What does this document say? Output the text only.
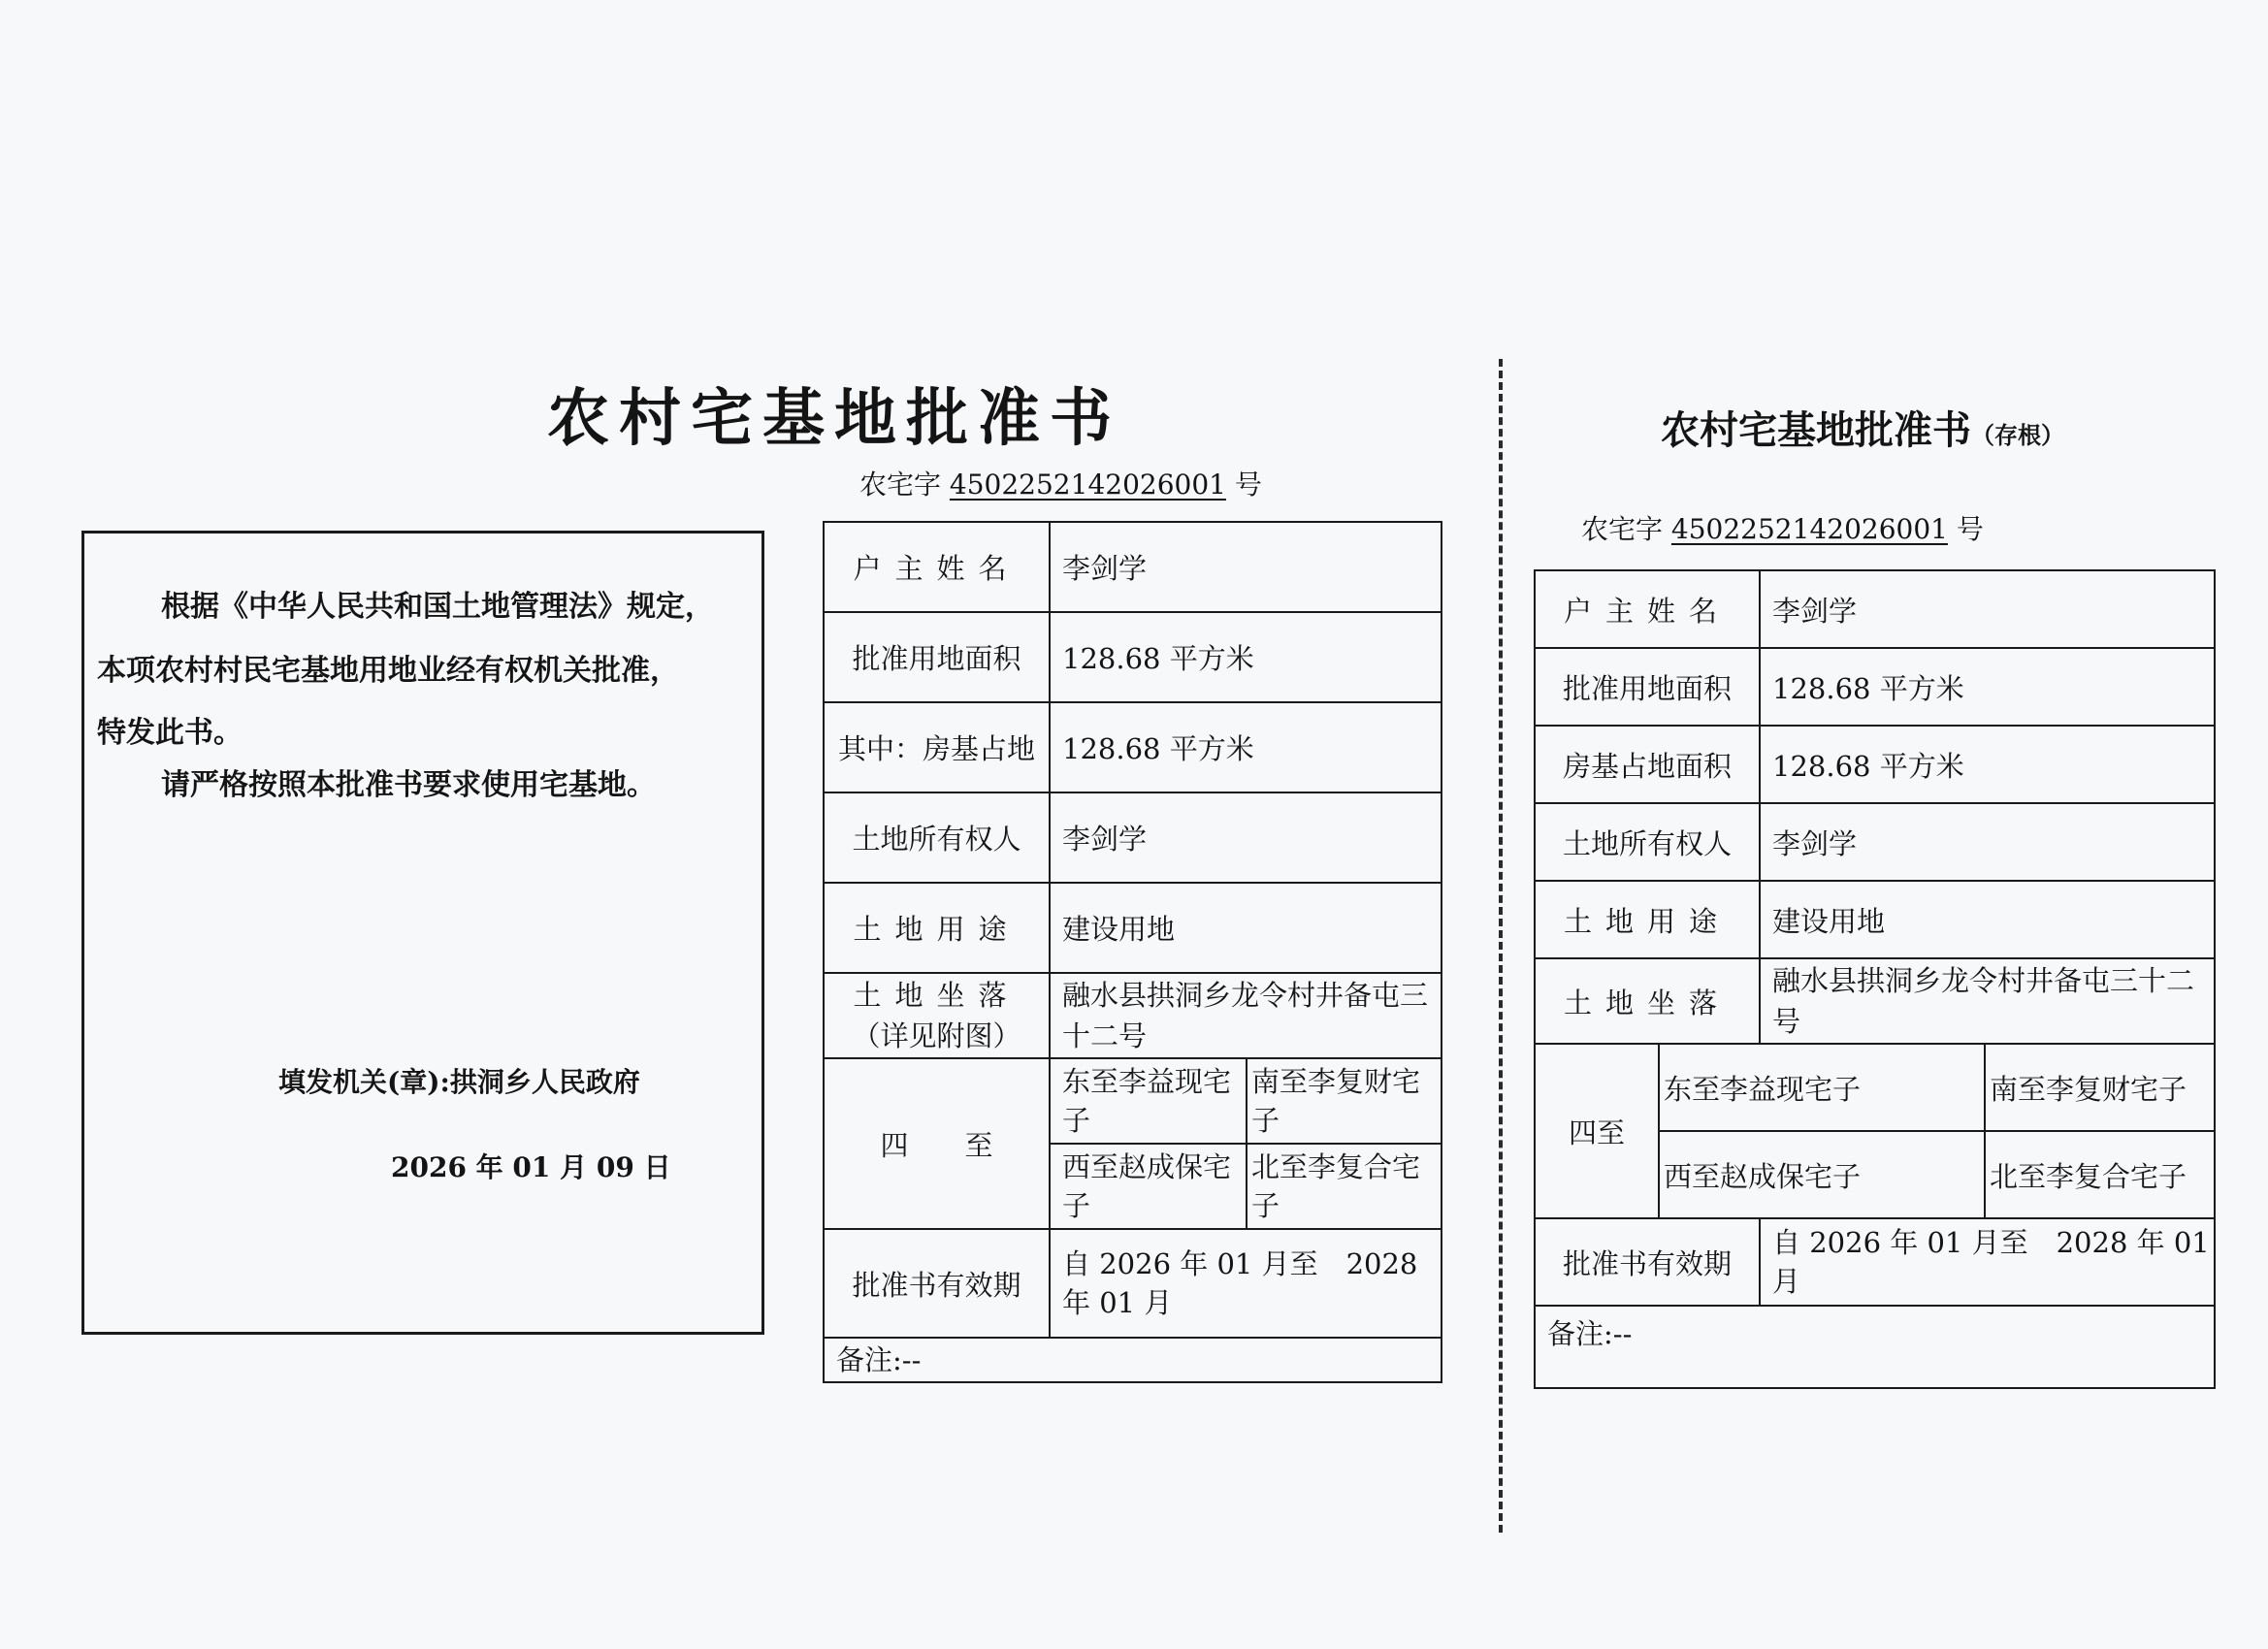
农村宅基地批准书
农宅字 4502252142026001 号
根据《中华人民共和国土地管理法》规定，
本项农村村民宅基地用地业经有权机关批准，
特发此书。
请严格按照本批准书要求使用宅基地。
填发机关(章):拱洞乡人民政府
2026 年 01 月 09 日
户主姓名	李剑学	
批准用地面积	128.68 平方米	
其中：房基占地	128.68 平方米	
土地所有权人	李剑学	
土地用途	建设用地	

土地坐落
（详见附图）	融水县拱洞乡龙令村井备屯三十二号	
四　　至	东至李益现宅子	南至李复财宅子
	西至赵成保宅子	北至李复合宅子
批准书有效期	自 2026 年 01 月至　2028 年 01 月	
备注:--		
农村宅基地批准书（存根）
农宅字 4502252142026001 号
户主姓名		李剑学	
批准用地面积		128.68 平方米	
房基占地面积		128.68 平方米	
土地所有权人		李剑学	
土地用途		建设用地	
土地坐落		融水县拱洞乡龙令村井备屯三十二号	
四至	东至李益现宅子		南至李复财宅子
	西至赵成保宅子		北至李复合宅子
批准书有效期		自 2026 年 01 月至　2028 年 01 月	
备注:--			
